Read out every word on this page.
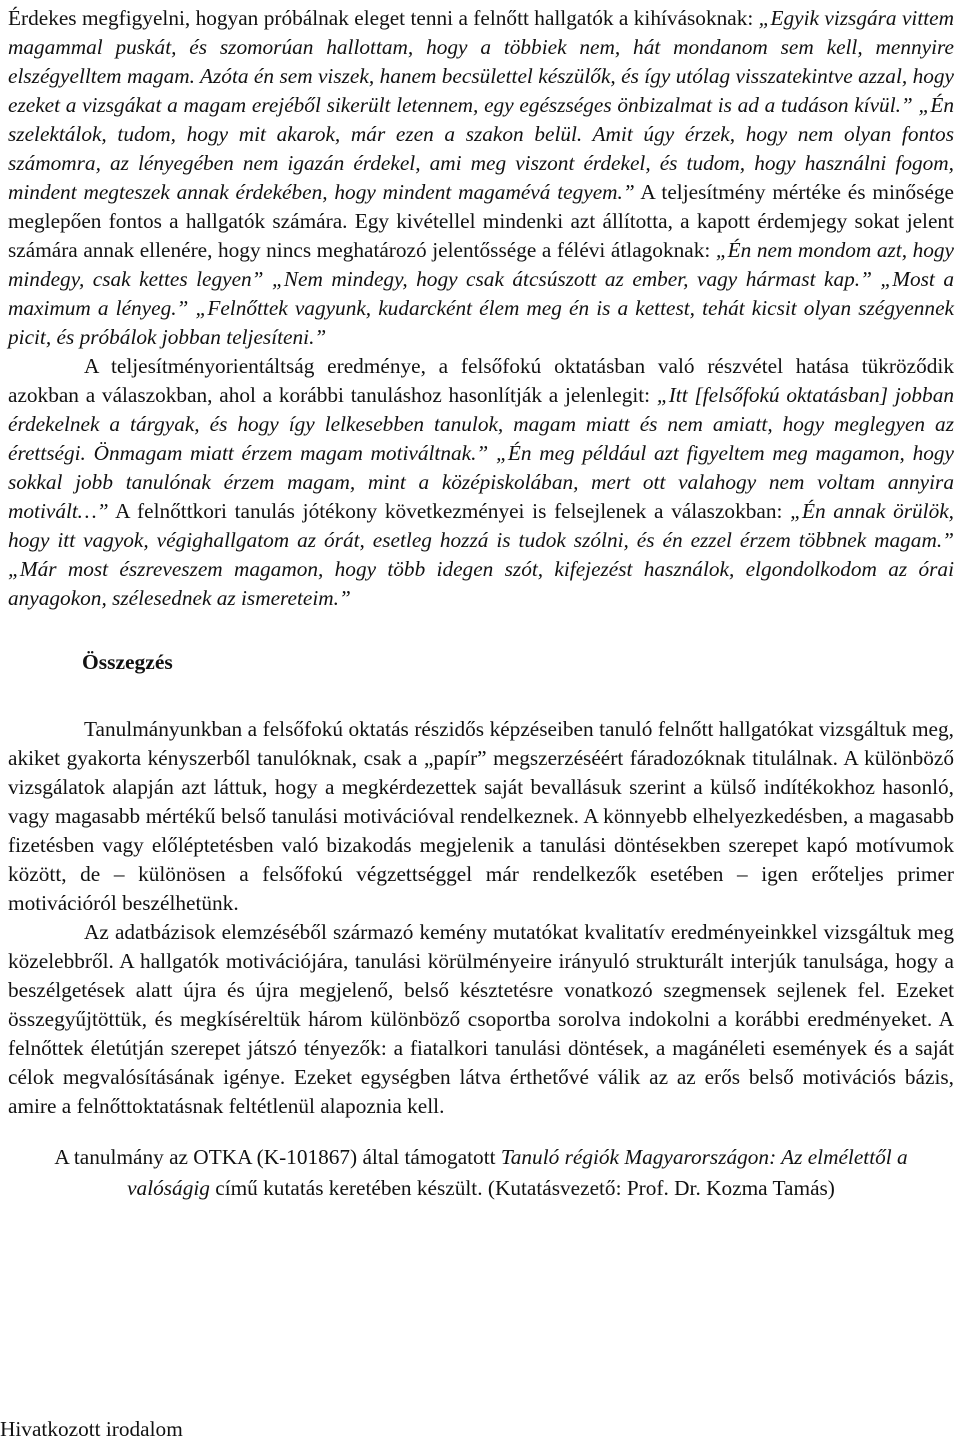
Érdekes megfigyelni, hogyan próbálnak eleget tenni a felnőtt hallgatók a kihívásoknak: „Egyik vizsgára vittem magammal puskát, és szomorúan hallottam, hogy a többiek nem, hát mondanom sem kell, mennyire elszégyelltem magam. Azóta én sem viszek, hanem becsülettel készülők, és így utólag visszatekintve azzal, hogy ezeket a vizsgákat a magam erejéből sikerült letennem, egy egészséges önbizalmat is ad a tudáson kívül.” „Én szelektálok, tudom, hogy mit akarok, már ezen a szakon belül. Amit úgy érzek, hogy nem olyan fontos számomra, az lényegében nem igazán érdekel, ami meg viszont érdekel, és tudom, hogy használni fogom, mindent megteszek annak érdekében, hogy mindent magamévá tegyem.” A teljesítmény mértéke és minősége meglepően fontos a hallgatók számára. Egy kivétellel mindenki azt állította, a kapott érdemjegy sokat jelent számára annak ellenére, hogy nincs meghatározó jelentőssége a félévi átlagoknak: „Én nem mondom azt, hogy mindegy, csak kettes legyen” „Nem mindegy, hogy csak átcsúszott az ember, vagy hármast kap.” „Most a maximum a lényeg.” „Felnőttek vagyunk, kudarcként élem meg én is a kettest, tehát kicsit olyan szégyennek picit, és próbálok jobban teljesíteni.”

A teljesítményorientáltság eredménye, a felsőfokú oktatásban való részvétel hatása tükröződik azokban a válaszokban, ahol a korábbi tanuláshoz hasonlítják a jelenlegit: „Itt [felsőfokú oktatásban] jobban érdekelnek a tárgyak, és hogy így lelkesebben tanulok, magam miatt és nem amiatt, hogy meglegyen az érettségi. Önmagam miatt érzem magam motiváltnak.” „Én meg például azt figyeltem meg magamon, hogy sokkal jobb tanulónak érzem magam, mint a középiskolában, mert ott valahogy nem voltam annyira motivált…” A felnőttkori tanulás jótékony következményei is felsejlenek a válaszokban: „Én annak örülök, hogy itt vagyok, végighallgatom az órát, esetleg hozzá is tudok szólni, és én ezzel érzem többnek magam.” „Már most észreveszem magamon, hogy több idegen szót, kifejezést használok, elgondolkodom az órai anyagokon, szélesednek az ismereteim.”

Összegzés

Tanulmányunkban a felsőfokú oktatás részidős képzéseiben tanuló felnőtt hallgatókat vizsgáltuk meg, akiket gyakorta kényszerből tanulóknak, csak a „papír” megszerzéséért fáradozóknak titulálnak. A különböző vizsgálatok alapján azt láttuk, hogy a megkérdezettek saját bevallásuk szerint a külső indítékokhoz hasonló, vagy magasabb mértékű belső tanulási motivációval rendelkeznek. A könnyebb elhelyezkedésben, a magasabb fizetésben vagy előléptetésben való bizakodás megjelenik a tanulási döntésekben szerepet kapó motívumok között, de – különösen a felsőfokú végzettséggel már rendelkezők esetében – igen erőteljes primer motivációról beszélhetünk.

Az adatbázisok elemzéséből származó kemény mutatókat kvalitatív eredményeinkkel vizsgáltuk meg közelebbről. A hallgatók motivációjára, tanulási körülményeire irányuló strukturált interjúk tanulsága, hogy a beszélgetések alatt újra és újra megjelenő, belső késztetésre vonatkozó szegmensek sejlenek fel. Ezeket összegyűjtöttük, és megkíséreltük három különböző csoportba sorolva indokolni a korábbi eredményeket. A felnőttek életútján szerepet játszó tényezők: a fiatalkori tanulási döntések, a magánéleti események és a saját célok megvalósításának igénye. Ezeket egységben látva érthetővé válik az az erős belső motivációs bázis, amire a felnőttoktatásnak feltétlenül alapoznia kell.

A tanulmány az OTKA (K-101867) által támogatott Tanuló régiók Magyarországon: Az elmélettől a valóságig című kutatás keretében készült. (Kutatásvezető: Prof. Dr. Kozma Tamás)

Hivatkozott irodalom
